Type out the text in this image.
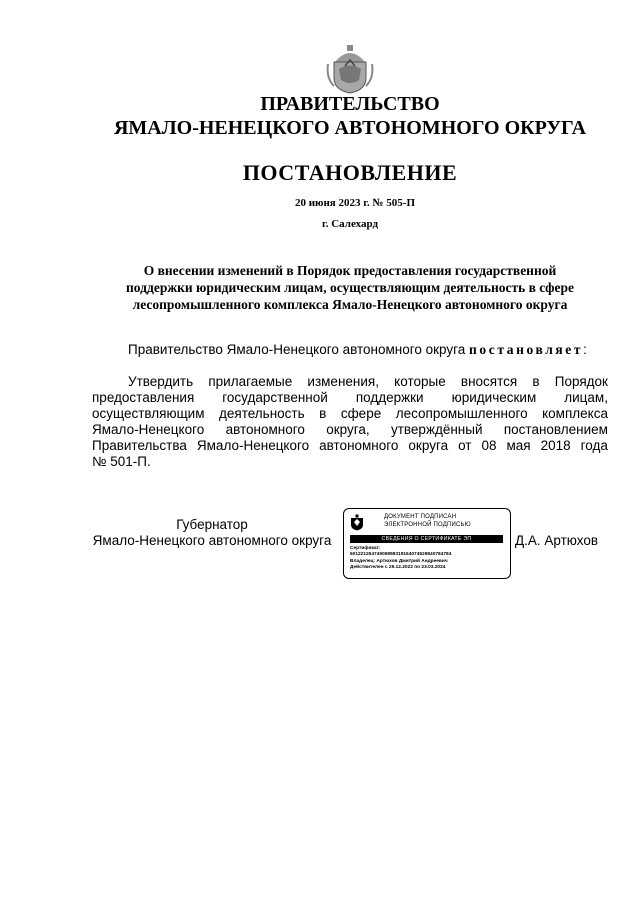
ПРАВИТЕЛЬСТВО
ЯМАЛО-НЕНЕЦКОГО АВТОНОМНОГО ОКРУГА
ПОСТАНОВЛЕНИЕ
20 июня 2023 г. № 505-П
г. Салехард
О внесении изменений в Порядок предоставления государственной
поддержки юридическим лицам, осуществляющим деятельность в сфере
лесопромышленного комплекса Ямало-Ненецкого автономного округа
Правительство Ямало-Ненецкого автономного округа постановляет:
Утвердить прилагаемые изменения, которые вносятся в Порядок
предоставления государственной поддержки юридическим лицам,
осуществляющим деятельность в сфере лесопромышленного комплекса
Ямало-Ненецкого автономного округа, утверждённый постановлением
Правительства Ямало-Ненецкого автономного округа от 08 мая 2018 года
№ 501-П.
Губернатор
Ямало-Ненецкого автономного округа
ДОКУМЕНТ ПОДПИСАН
ЭЛЕКТРОННОЙ ПОДПИСЬЮ
СВЕДЕНИЯ О СЕРТИФИКАТЕ ЭП
Сертификат:
601221254749098983191640745298407847​84
Владелец: Артюхов Дмитрий Андреевич
Действителен с 29.12.2022 по 23.03.2024
Д.А. Артюхов
